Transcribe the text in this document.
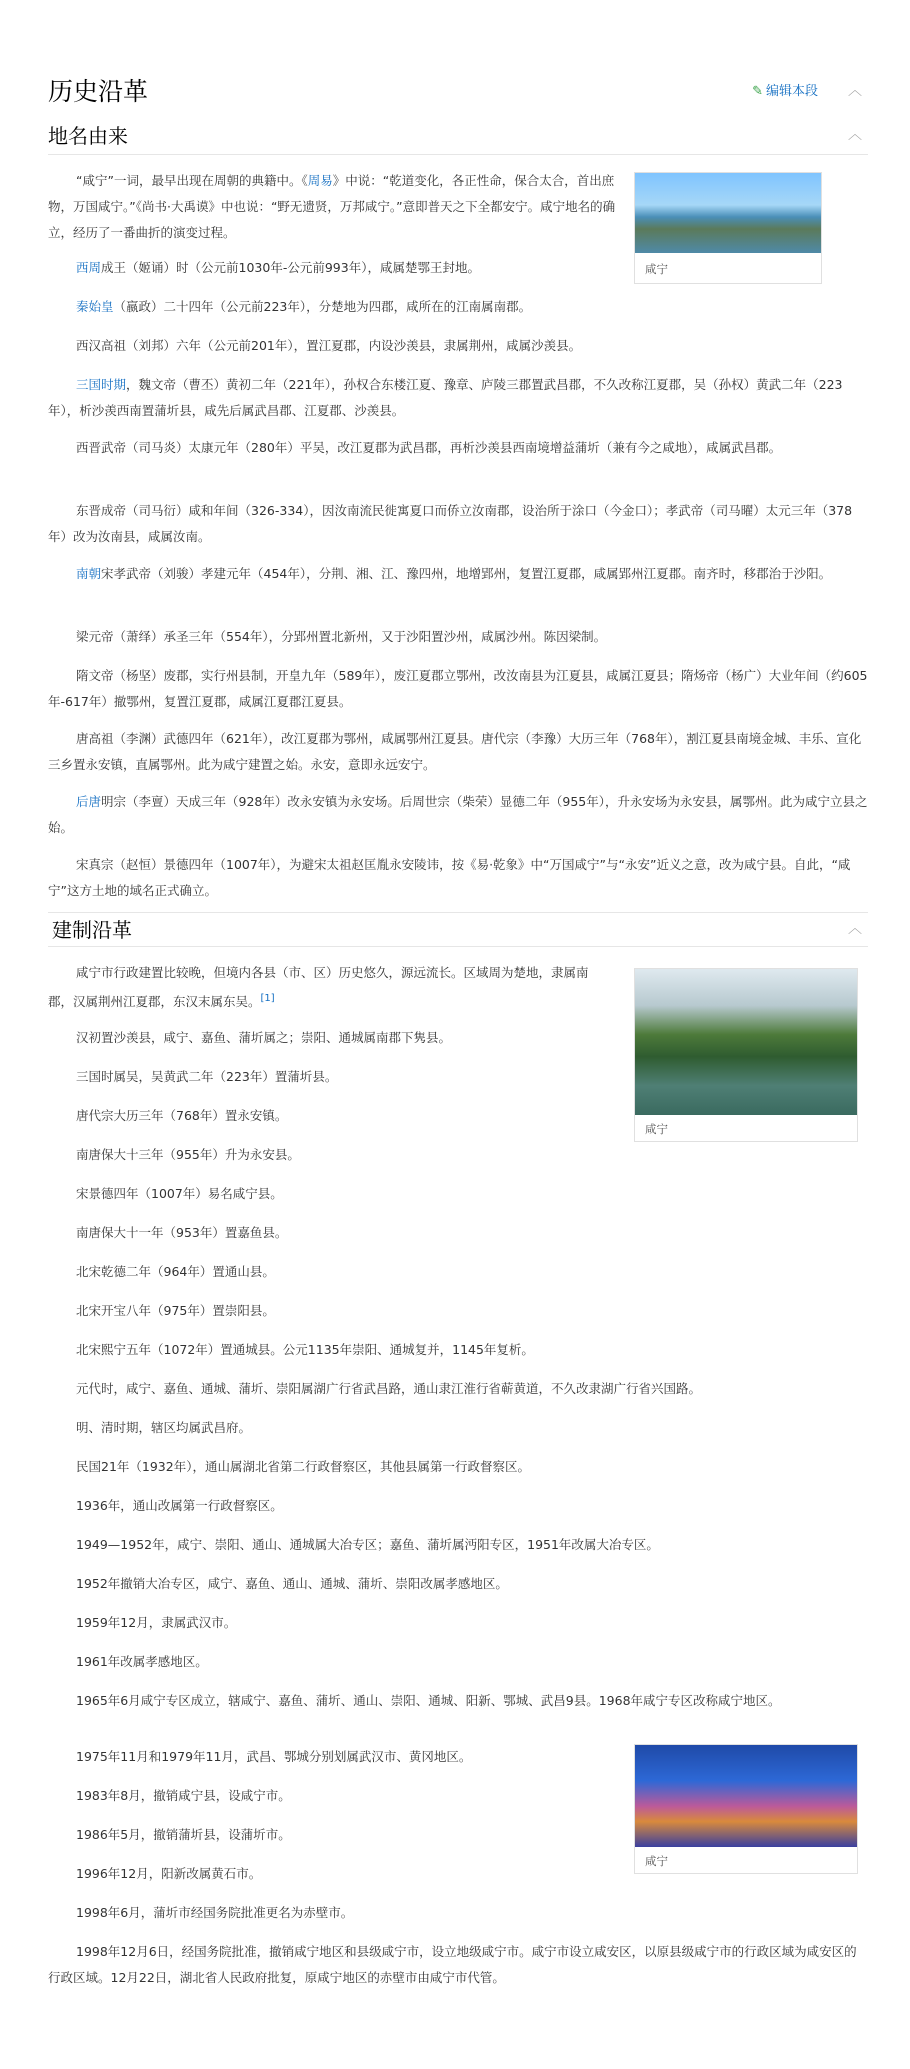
历史沿革	✎ 编辑本段 ︿
地名由来	︿
咸宁
“咸宁”一词，最早出现在周朝的典籍中。《周易》中说：“乾道变化，各正性命，保合太合，首出庶物，万国咸宁。”《尚书·大禹谟》中也说：“野无遗贤，万邦咸宁。”意即普天之下全都安宁。咸宁地名的确立，经历了一番曲折的演变过程。
西周成王（姬诵）时（公元前1030年-公元前993年），咸属楚鄂王封地。
秦始皇（嬴政）二十四年（公元前223年），分楚地为四郡，咸所在的江南属南郡。
西汉高祖（刘邦）六年（公元前201年），置江夏郡，内设沙羡县，隶属荆州，咸属沙羡县。
三国时期，魏文帝（曹丕）黄初二年（221年），孙权合东楼江夏、豫章、庐陵三郡置武昌郡，不久改称江夏郡，吴（孙权）黄武二年（223年），析沙羡西南置蒲圻县，咸先后属武昌郡、江夏郡、沙羡县。
西晋武帝（司马炎）太康元年（280年）平吴，改江夏郡为武昌郡，再析沙羡县西南境增益蒲圻（兼有今之咸地），咸属武昌郡。
东晋成帝（司马衍）咸和年间（326-334），因汝南流民徙寓夏口而侨立汝南郡，设治所于涂口（今金口）；孝武帝（司马曜）太元三年（378年）改为汝南县，咸属汝南。
南朝宋孝武帝（刘骏）孝建元年（454年），分荆、湘、江、豫四州，地增郢州，复置江夏郡，咸属郢州江夏郡。南齐时，移郡治于沙阳。
梁元帝（萧绎）承圣三年（554年），分郢州置北新州，又于沙阳置沙州，咸属沙州。陈因梁制。
隋文帝（杨坚）废郡，实行州县制，开皇九年（589年），废江夏郡立鄂州，改汝南县为江夏县，咸属江夏县；隋炀帝（杨广）大业年间（约605年-617年）撤鄂州，复置江夏郡，咸属江夏郡江夏县。
唐高祖（李渊）武德四年（621年），改江夏郡为鄂州，咸属鄂州江夏县。唐代宗（李豫）大历三年（768年），割江夏县南境金城、丰乐、宣化三乡置永安镇，直属鄂州。此为咸宁建置之始。永安，意即永远安宁。
后唐明宗（李亶）天成三年（928年）改永安镇为永安场。后周世宗（柴荣）显德二年（955年），升永安场为永安县，属鄂州。此为咸宁立县之始。
宋真宗（赵恒）景德四年（1007年），为避宋太祖赵匡胤永安陵讳，按《易·乾象》中“万国咸宁”与“永安”近义之意，改为咸宁县。自此，“咸宁”这方土地的域名正式确立。
建制沿革	︿
咸宁
咸宁市行政建置比较晚，但境内各县（市、区）历史悠久，源远流长。区域周为楚地，隶属南郡，汉属荆州江夏郡，东汉末属东吴。[1]
汉初置沙羡县，咸宁、嘉鱼、蒲圻属之；崇阳、通城属南郡下隽县。
三国时属吴，吴黄武二年（223年）置蒲圻县。
唐代宗大历三年（768年）置永安镇。
南唐保大十三年（955年）升为永安县。
宋景德四年（1007年）易名咸宁县。
南唐保大十一年（953年）置嘉鱼县。
北宋乾德二年（964年）置通山县。
北宋开宝八年（975年）置崇阳县。
北宋熙宁五年（1072年）置通城县。公元1135年崇阳、通城复并，1145年复析。
元代时，咸宁、嘉鱼、通城、蒲圻、崇阳属湖广行省武昌路，通山隶江淮行省蕲黄道，不久改隶湖广行省兴国路。
明、清时期，辖区均属武昌府。
民国21年（1932年），通山属湖北省第二行政督察区，其他县属第一行政督察区。
1936年，通山改属第一行政督察区。
1949—1952年，咸宁、崇阳、通山、通城属大冶专区；嘉鱼、蒲圻属沔阳专区，1951年改属大冶专区。
1952年撤销大冶专区，咸宁、嘉鱼、通山、通城、蒲圻、崇阳改属孝感地区。
1959年12月，隶属武汉市。
1961年改属孝感地区。
1965年6月咸宁专区成立，辖咸宁、嘉鱼、蒲圻、通山、崇阳、通城、阳新、鄂城、武昌9县。1968年咸宁专区改称咸宁地区。
咸宁
1975年11月和1979年11月，武昌、鄂城分别划属武汉市、黄冈地区。
1983年8月，撤销咸宁县，设咸宁市。
1986年5月，撤销蒲圻县，设蒲圻市。
1996年12月，阳新改属黄石市。
1998年6月，蒲圻市经国务院批准更名为赤壁市。
1998年12月6日，经国务院批准，撤销咸宁地区和县级咸宁市，设立地级咸宁市。咸宁市设立咸安区，以原县级咸宁市的行政区域为咸安区的行政区域。12月22日，湖北省人民政府批复，原咸宁地区的赤壁市由咸宁市代管。
